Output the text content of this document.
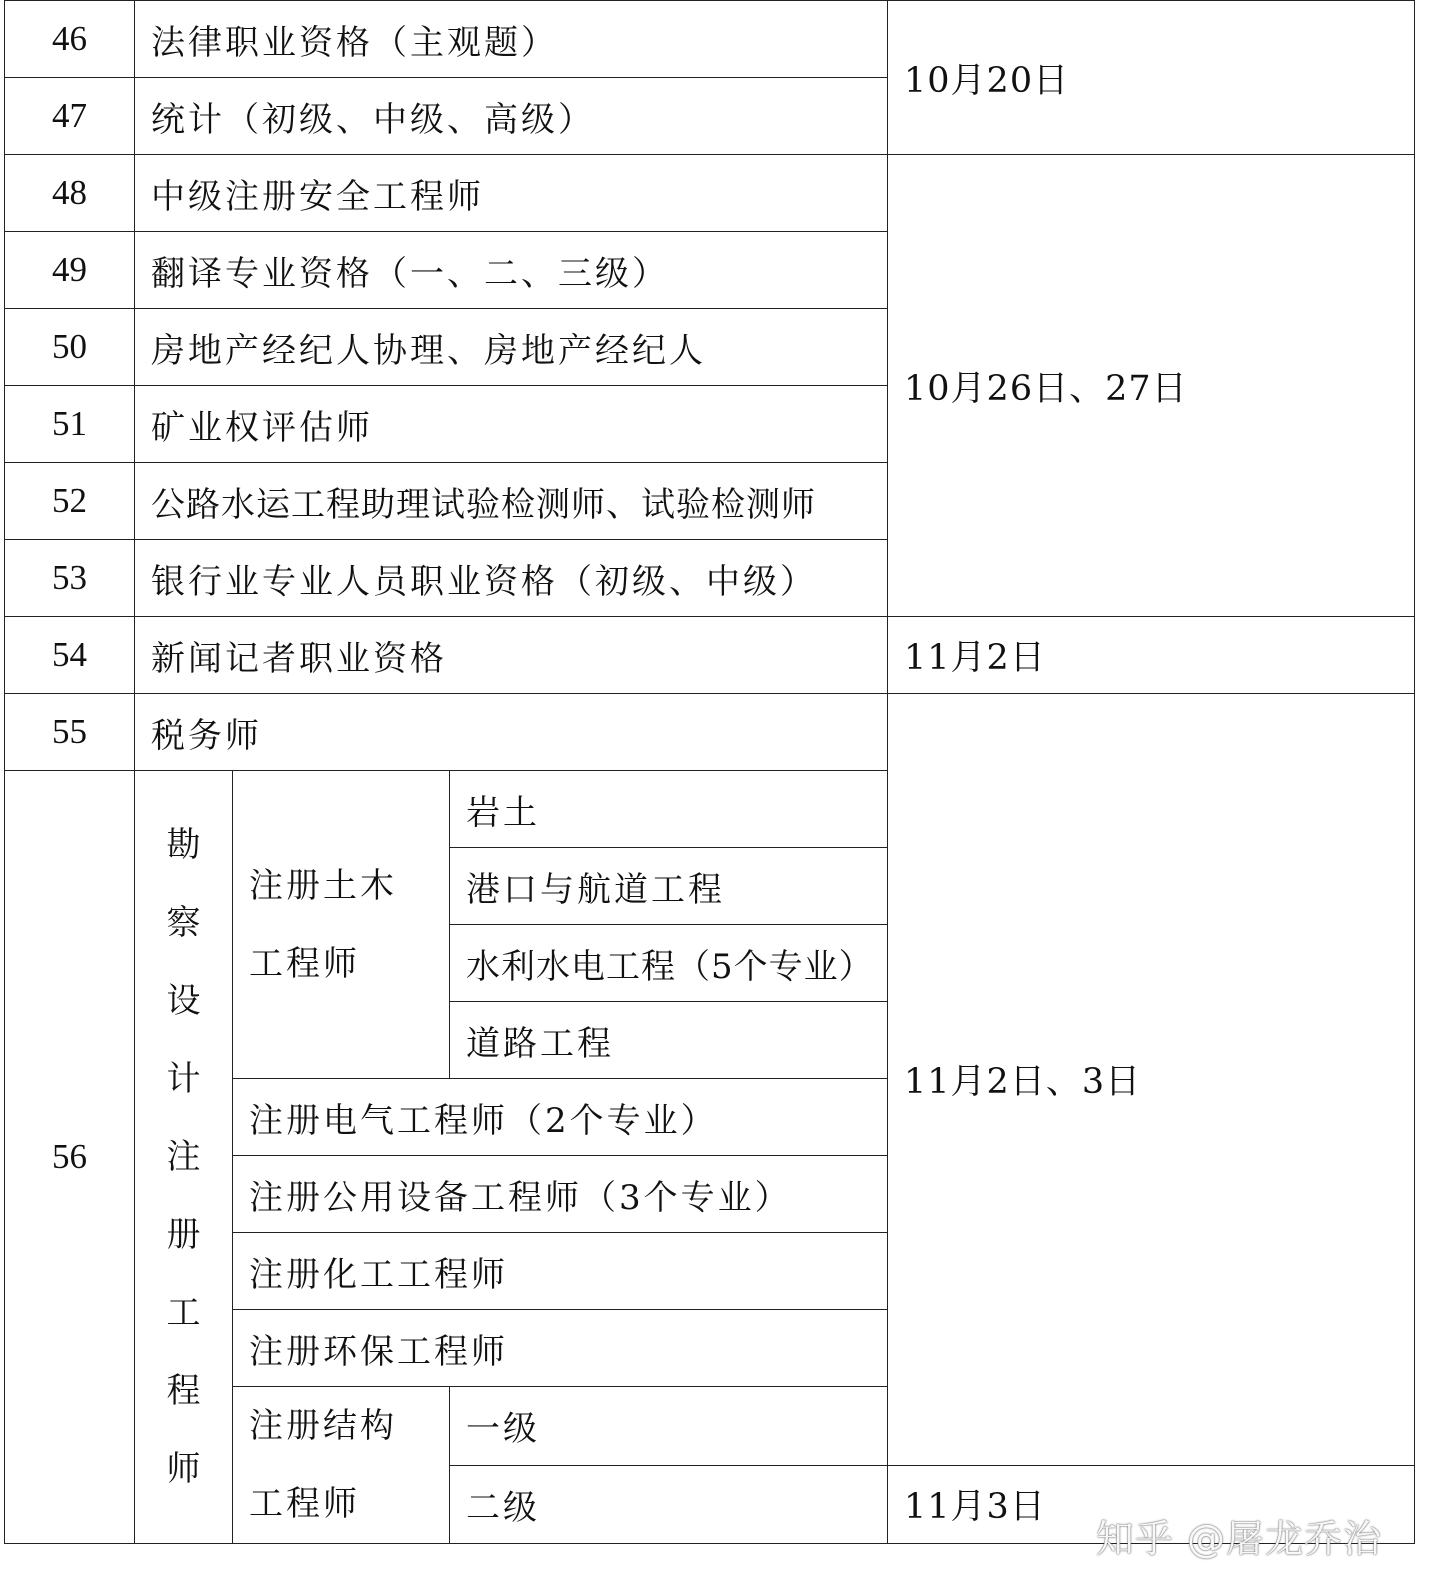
46	法律职业资格（主观题）			10月20日
47	统计（初级、中级、高级）			
48	中级注册安全工程师			10月26日、27日
49	翻译专业资格（一、二、三级）			
50	房地产经纪人协理、房地产经纪人			
51	矿业权评估师			
52	公路水运工程助理试验检测师、试验检测师			
53	银行业专业人员职业资格（初级、中级）			
54	新闻记者职业资格			11月2日
55	税务师			11月2日、3日
56	勘察设计注册工程师	注册土木工程师	岩土	
			港口与航道工程	
			水利水电工程（5个专业）	
			道路工程	
		注册电气工程师（2个专业）		
		注册公用设备工程师（3个专业）		
		注册化工工程师		
		注册环保工程师		
		注册结构工程师	一级	
			二级	11月3日
知乎 @屠龙乔治
